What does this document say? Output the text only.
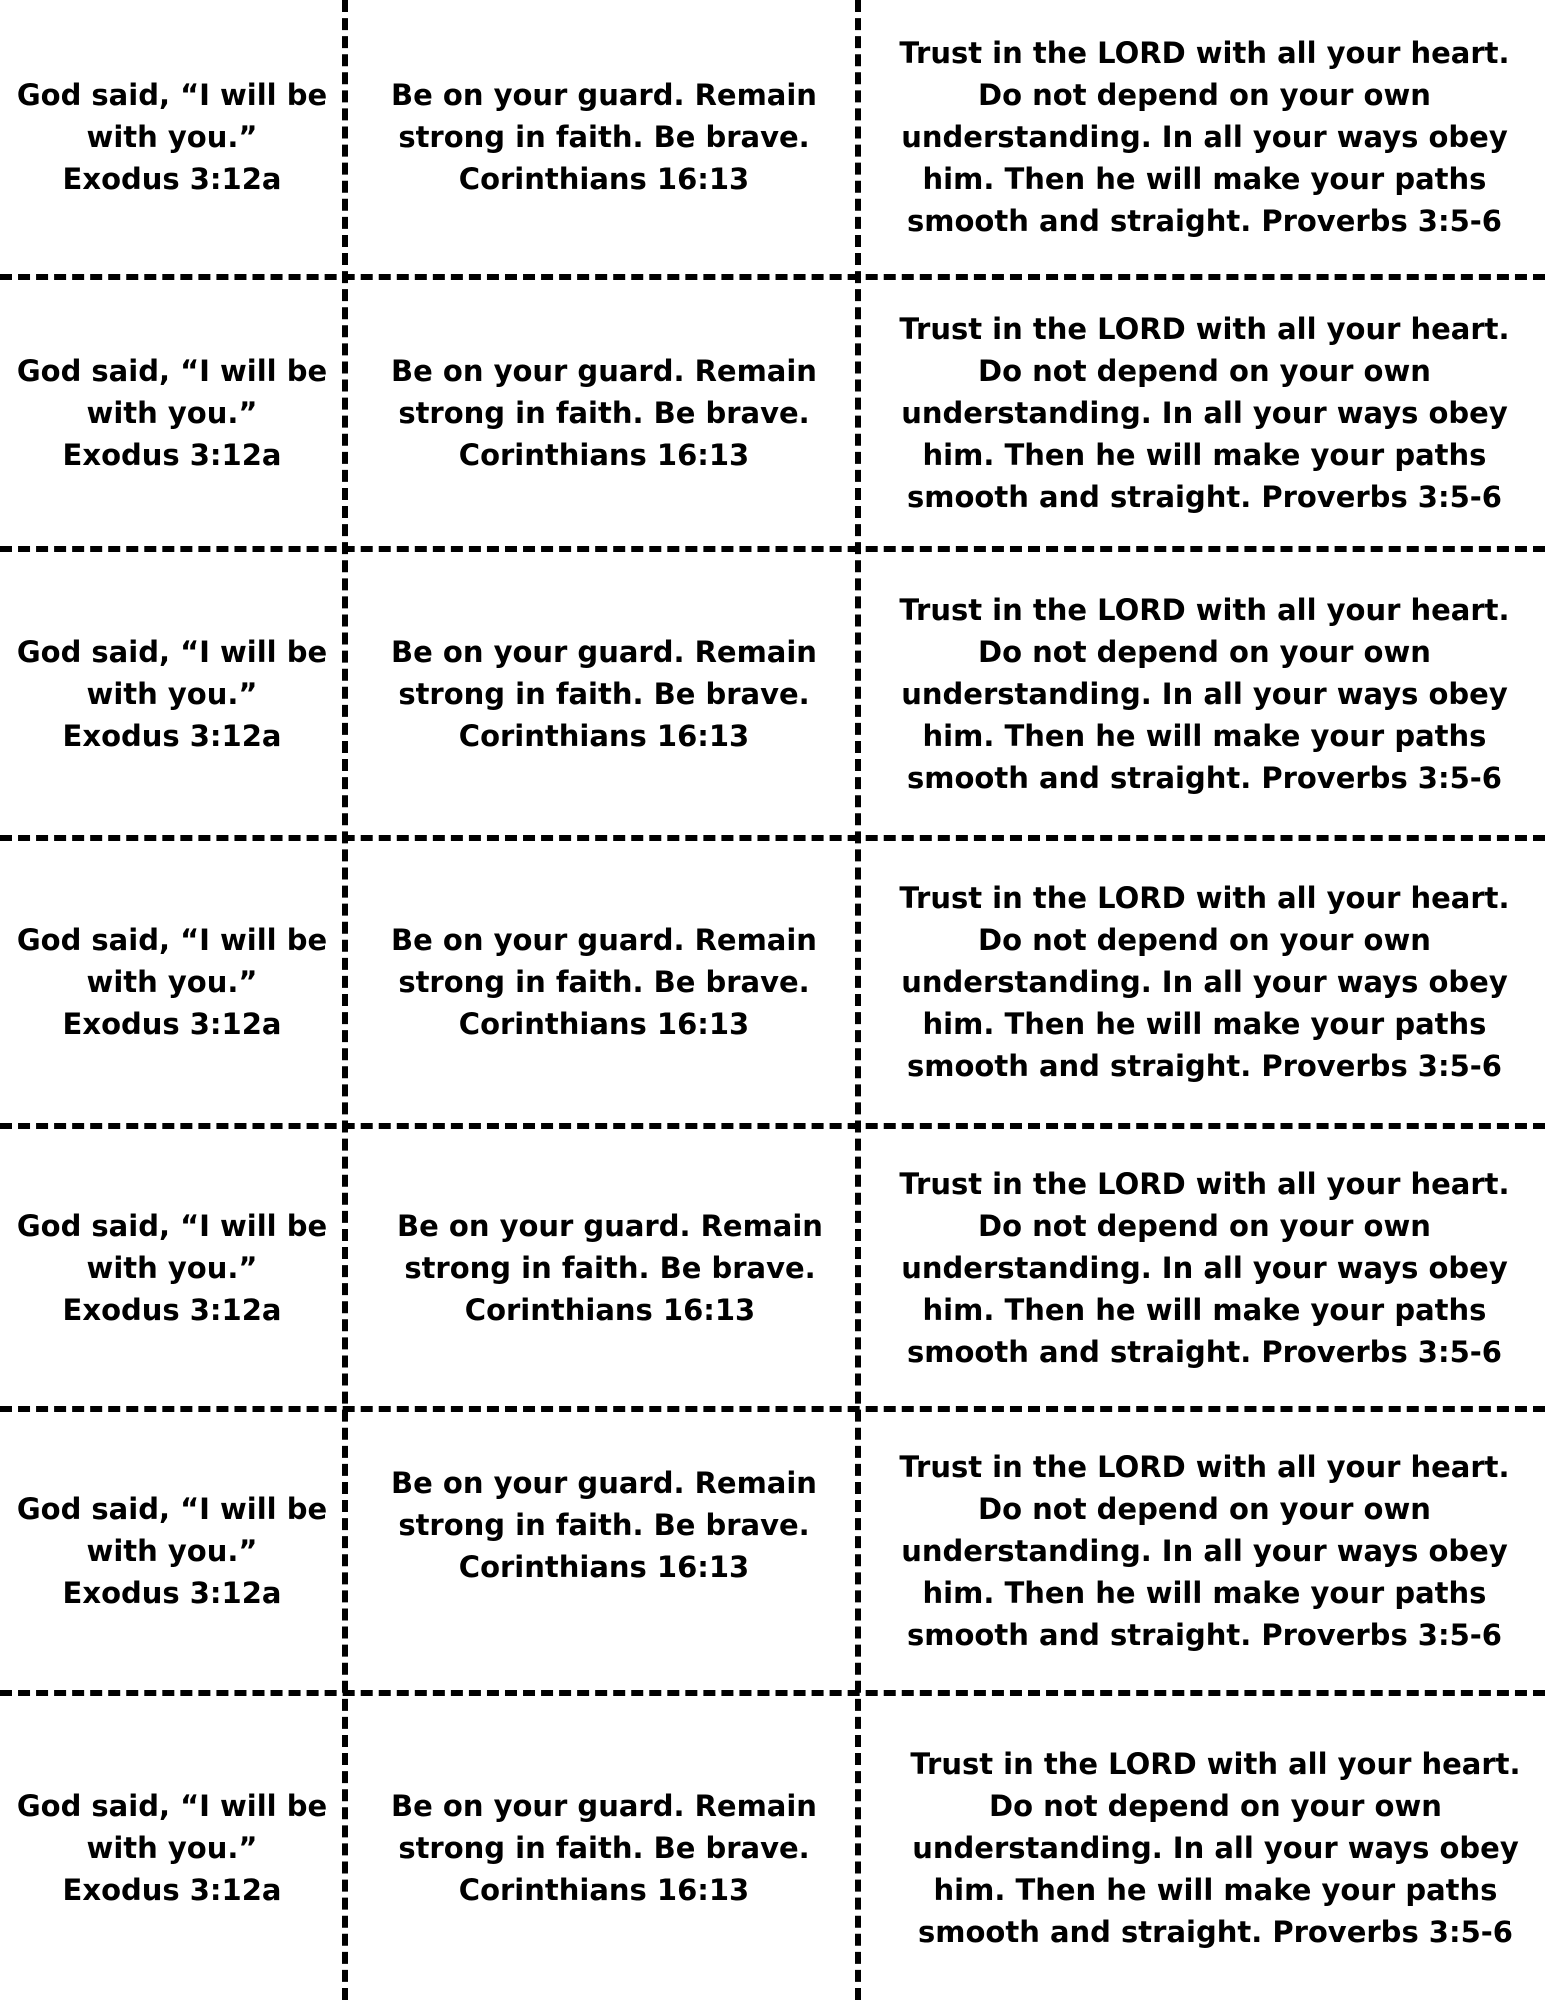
God said, “I will be
with you.”
Exodus 3:12a

Be on your guard. Remain
strong in faith. Be brave.
Corinthians 16:13

Trust in the LORD with all your heart.
Do not depend on your own
understanding. In all your ways obey
him. Then he will make your paths
smooth and straight. Proverbs 3:5-6

God said, “I will be
with you.”
Exodus 3:12a

Be on your guard. Remain
strong in faith. Be brave.
Corinthians 16:13

Trust in the LORD with all your heart.
Do not depend on your own
understanding. In all your ways obey
him. Then he will make your paths
smooth and straight. Proverbs 3:5-6

God said, “I will be
with you.”
Exodus 3:12a

Be on your guard. Remain
strong in faith. Be brave.
Corinthians 16:13

Trust in the LORD with all your heart.
Do not depend on your own
understanding. In all your ways obey
him. Then he will make your paths
smooth and straight. Proverbs 3:5-6

God said, “I will be
with you.”
Exodus 3:12a

Be on your guard. Remain
strong in faith. Be brave.
Corinthians 16:13

Trust in the LORD with all your heart.
Do not depend on your own
understanding. In all your ways obey
him. Then he will make your paths
smooth and straight. Proverbs 3:5-6

God said, “I will be
with you.”
Exodus 3:12a

Be on your guard. Remain
strong in faith. Be brave.
Corinthians 16:13

Trust in the LORD with all your heart.
Do not depend on your own
understanding. In all your ways obey
him. Then he will make your paths
smooth and straight. Proverbs 3:5-6

God said, “I will be
with you.”
Exodus 3:12a

Be on your guard. Remain
strong in faith. Be brave.
Corinthians 16:13

Trust in the LORD with all your heart.
Do not depend on your own
understanding. In all your ways obey
him. Then he will make your paths
smooth and straight. Proverbs 3:5-6

God said, “I will be
with you.”
Exodus 3:12a

Be on your guard. Remain
strong in faith. Be brave.
Corinthians 16:13

Trust in the LORD with all your heart.
Do not depend on your own
understanding. In all your ways obey
him. Then he will make your paths
smooth and straight. Proverbs 3:5-6
